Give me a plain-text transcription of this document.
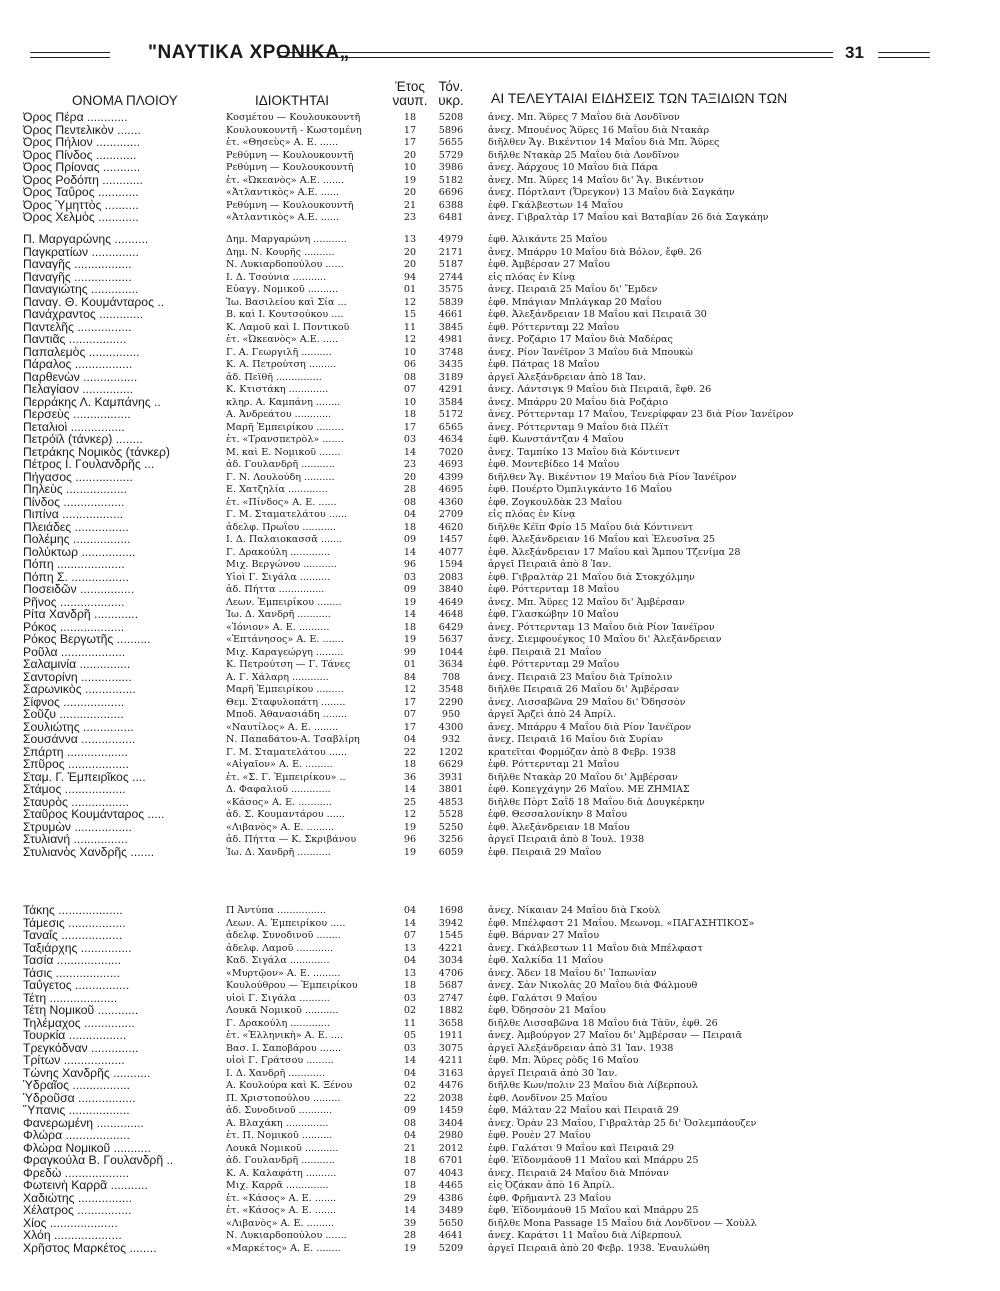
"ΝΑΥΤΙΚΑ ΧΡΟΝΙΚΑ„	31
ΟΝΟΜΑ ΠΛΟΙΟΥ	ΙΔΙΟΚΤΗΤΑΙ
Έτος
ναυπ.
Τόν.
υκρ.	ΑΙ ΤΕΛΕΥΤΑΙΑΙ ΕΙΔΗΣΕΙΣ ΤΩΝ ΤΑΞΙΔΙΩΝ ΤΩΝ
Όρος Πέρα ............	Κοσμέτου — Κουλουκουντῆ	18	5208	ἀνεχ. Μπ. Ἄϋρες 7 Μαΐου διὰ Λονδῖνον
Όρος Πεντελικὸν .......	Κουλουκουντῆ - Κωστομένη	17	5896	ἀνεχ. Μπουένος Ἄϋρες 16 Μαΐου διὰ Ντακὰρ
Όρος Πήλιον .............	ἑτ. «Θησεὺς» Α. Ε. ......	17	5655	διῆλθεν Ἄγ. Βικέντιον 14 Μαΐου διὰ Μπ. Ἄϋρες
Όρος Πίνδος ............	Ρεθύμνη — Κουλουκουντῆ	20	5729	διῆλθε Ντακὰρ 25 Μαΐου διὰ Λονδῖνον
Όρος Πρίονας ...........	Ρεθύμνη — Κουλουκουντῆ	10	3986	ἀνεχ. Ἀάρχους 10 Μαΐου διὰ Πάρα
Όρος Ροδόπη ............	ἑτ. «Ὠκεανὸς» Α.Ε. .......	19	5182	ἀνεχ. Μπ. Ἄϋρες 14 Μαΐου δι' Ἄγ. Βικέντιον
Όρος Ταΰρος ............	«Ἀτλαντικὸς» Α.Ε. ......	20	6696	ἀνεχ. Πόρτλαντ (Ὄρεγκον) 13 Μαΐου διὰ Σαγκάην
Όρος Ὑμηττὸς ..........	Ρεθύμνη — Κουλουκουντῆ	21	6388	ἐφθ. Γκάλβεστων 14 Μαΐου
Όρος Χελμὸς ............	«Ἀτλαντικὸς» Α.Ε. ......	23	6481	ἀνεχ. Γιβραλτὰρ 17 Μαΐου καὶ Βαταβίαν 26 διὰ Σαγκάην
Π. Μαργαρώνης ..........	Δημ. Μαργαρώνη ...........	13	4979	ἐφθ. Ἀλικάντε 25 Μαΐου
Παγκρατίων ..............	Δημ. Ν. Κουρῆς ..........	20	2171	ἀνεχ. Μπάρρυ 10 Μαΐου διὰ Βόλον, ἔφθ. 26
Παναγῆς .................	Ν. Λυκιαρδοπούλου ......	20	5187	ἐφθ. Ἀμβέρσαν 27 Μαΐου
Παναγῆς .................	Ι. Δ. Τσούνια ...........	94	2744	εἰς πλόας ἐν Κίνᾳ
Παναγιώτης ..............	Εὐαγγ. Νομικοῦ ..........	01	3575	ἀνεχ. Πειραιᾶ 25 Μαΐου δι' Ἔμδεν
Παναγ. Θ. Κουμάνταρος ..	Ἰω. Βασιλείου καὶ Σία ...	12	5839	ἐφθ. Μπάγιαν Μπλάγκαρ 20 Μαΐου
Πανάχραντος .............	Β. καὶ Ι. Κουτσούκου ....	15	4661	ἐφθ. Ἀλεξάνδρειαν 18 Μαΐου καὶ Πειραιᾶ 30
Παντελῆς ................	Κ. Λαμοῦ καὶ Ι. Ποντικοῦ	11	3845	ἐφθ. Ρόττερνταμ 22 Μαΐου
Παντιᾶς .................	ἑτ. «Ὠκεανὸς» Α.Ε. .....	12	4981	ἀνεχ. Ροζάριο 17 Μαΐου διὰ Μαδέρας
Παπαλεμὸς ...............	Γ. Α. Γεωργιλῆ ..........	10	3748	ἀνεχ. Ρίον Ἰανέϊρον 3 Μαΐου διὰ Μπουκὼ
Πάραλος .................	Κ. Α. Πετρούτση .........	06	3435	ἐφθ. Πάτρας 18 Μαΐου
Παρθενὼν ................	ἀδ. Πεϊθῆ ...............	08	3189	ἀργεῖ Ἀλεξάνδρειαν ἀπὸ 18 Ἰαν.
Πελαγίαον ...............	Κ. Κτιστάκη .............	07	4291	ἀνεχ. Λάντσιγκ 9 Μαΐου διὰ Πειραιᾶ, ἔφθ. 26
Περράκης Λ. Καμπάνης ..	κληρ. Α. Καμπάνη ........	10	3584	ἀνεχ. Μπάρρυ 20 Μαΐου διὰ Ροζάριο
Περσεὺς .................	Α. Ἀνδρεάτου ............	18	5172	ἀνεχ. Ρόττερνταμ 17 Μαΐου, Τενερίφφαν 23 διὰ Ρίον Ἰανέϊρον
Πεταλιοὶ ................	Μαρῆ Ἐμπειρίκου .........	17	6565	ἀνεχ. Ρόττερνταμ 9 Μαΐου διὰ Πλέϊτ
Πετρόϊλ (τάνκερ) ........	ἑτ. «Τρανσπετρὸλ» .......	03	4634	ἐφθ. Κωνστάντζαν 4 Μαΐου
Πετράκης Νομικὸς (τάνκερ)	Μ. καὶ Ε. Νομικοῦ .......	14	7020	ἀνεχ. Ταμπίκο 13 Μαΐου διὰ Κόντινεντ
Πέτρος Ι. Γουλανδρῆς ...	ἀδ. Γουλανδρῆ ...........	23	4693	ἐφθ. Μοντεβίδεο 14 Μαΐου
Πήγασος .................	Γ. Ν. Λουλούδη ..........	20	4399	διῆλθεν Ἄγ. Βικέντιον 19 Μαΐου διὰ Ρίον Ἰανέϊρον
Πηλεὺς ..................	Ε. Χατζηλία .............	28	4695	ἐφθ. Πουέρτο Ὀμπλιγκάντο 16 Μαΐου
Πίνδος ..................	ἑτ. «Πίνδος» Α. Ε. ......	08	4360	ἐφθ. Ζογκουλδὰκ 23 Μαΐου
Πιπίνα ..................	Γ. Μ. Σταματελάτου ......	04	2709	εἰς πλόας ἐν Κίνᾳ
Πλειάδες ................	ἀδελφ. Πρωΐου ...........	18	4620	διῆλθε Κέϊπ Φρίο 15 Μαΐου διὰ Κόντινεντ
Πολέμης .................	Ι. Δ. Παλαιοκασσᾶ .......	09	1457	ἐφθ. Ἀλεξάνδρειαν 16 Μαΐου καὶ Ἐλευσῖνα 25
Πολύκτωρ ................	Γ. Δρακούλη .............	14	4077	ἐφθ. Ἀλεξάνδρειαν 17 Μαΐου καὶ Ἄμπου Τζενίμα 28
Πόπη ....................	Μιχ. Βεργώνου ...........	96	1594	ἀργεῖ Πειραιᾶ ἀπὸ 8 Ἰαν.
Πόπη Σ. .................	Υἱοὶ Γ. Σιγάλα ..........	03	2083	ἐφθ. Γιβραλτὰρ 21 Μαΐου διὰ Στοκχόλμην
Ποσειδῶν ................	ἀδ. Πήττα ...............	09	3840	ἐφθ. Ρόττερνταμ 18 Μαΐου
Ρῆνος ...................	Λεων. Ἐμπειρίκου ........	19	4649	ἀνεχ. Μπ. Ἄϋρες 12 Μαΐου δι' Ἀμβέρσαν
Ρίτα Χανδρῆ .............	Ἰω. Δ. Χανδρῆ ...........	14	4648	ἐφθ. Γλασκώβην 10 Μαΐου
Ρόκος ...................	«Ἰόνιον» Α. Ε. ..........	18	6429	ἀνεχ. Ρόττερνταμ 13 Μαΐου διὰ Ρίον Ἰανέϊρον
Ρόκος Βεργωτῆς ..........	«Ἐπτάνησος» Α. Ε. .......	19	5637	ἀνεχ. Σιεμφουέγκος 10 Μαΐου δι' Ἀλεξάνδρειαν
Ροῦλα ...................	Μιχ. Καραγεώργη .........	99	1044	ἐφθ. Πειραιᾶ 21 Μαΐου
Σαλαμινία ...............	Κ. Πετρούτση — Γ. Τάνες	01	3634	ἐφθ. Ρόττερνταμ 29 Μαΐου
Σαντορίνη ...............	Α. Γ. Χάλαρη ............	84	708	ἀνεχ. Πειραιᾶ 23 Μαΐου διὰ Τρίπολιν
Σαρωνικὸς ...............	Μαρῆ Ἐμπειρίκου .........	12	3548	διῆλθε Πειραιᾶ 26 Μαΐου δι' Ἀμβέρσαν
Σίφνος ..................	Θεμ. Σταφυλοπάτη ........	17	2290	ἀνεχ. Λισσαβῶνα 29 Μαΐου δι' Ὀδησσὸν
Σοῦζυ ...................	Μποδ. Ἀθανασιάδη ........	07	950	ἀργεῖ Ἄρζεὶ ἀπὸ 24 Ἀπρίλ.
Σουλιώτης ...............	«Ναυτίλος» Α. Ε. ........	17	4300	ἀνεχ. Μπάρρυ 4 Μαΐου διὰ Ρίον Ἰανέϊρον
Σουσάννα ................	Ν. Παπαδάτου-Α. Τσαβλίρη	04	932	ἀνεχ. Πειραιᾶ 16 Μαΐου διὰ Συρίαν
Σπάρτη ..................	Γ. Μ. Σταματελάτου ......	22	1202	κρατεῖται Φορμόζαν ἀπὸ 8 Φεβρ. 1938
Σπῦρος ..................	«Αἰγαῖον» Α. Ε. .........	18	6629	ἐφθ. Ρόττερνταμ 21 Μαΐου
Σταμ. Γ. Ἐμπειρῖκος ....	ἑτ. «Σ. Γ. Ἐμπειρίκου» ..	36	3931	διῆλθε Ντακὰρ 20 Μαΐου δι' Ἀμβέρσαν
Στάμος ..................	Δ. Φαφαλιοῦ .............	14	3801	ἐφθ. Κοπεγχάγην 26 Μαΐου. ΜΕ ΖΗΜΙΑΣ
Σταυρὸς .................	«Κάσος» Α. Ε. ...........	25	4853	διῆλθε Πὸρτ Σαῒδ 18 Μαΐου διὰ Δουγκέρκην
Σταῦρος Κουμάνταρος .....	ἀδ. Σ. Κουμαντάρου ......	12	5528	ἐφθ. Θεσσαλονίκην 8 Μαΐου
Στρυμὼν .................	«Λιβανὸς» Α. Ε. .........	19	5250	ἐφθ. Ἀλεξάνδρειαν 18 Μαΐου
Στυλιανή ................	ἀδ. Πήττα — Κ. Σκριβάνου	96	3256	ἀργεῖ Πειραιᾶ ἀπὸ 8 Ἰουλ. 1938
Στυλιανὸς Χανδρῆς .......	Ἰω. Δ. Χανδρῆ ...........	19	6059	ἐφθ. Πειραιᾶ 29 Μαΐου
Τάκης ...................	Π Ἀντύπα ................	04	1698	ἀνεχ. Νίκαιαν 24 Μαΐου διὰ Γκοὺλ
Τάμεσις .................	Λεων. Α. Ἐμπειρίκου .....	14	3942	ἐφθ. Μπέλφαστ 21 Μαΐου. Μεωνομ. «ΠΑΓΑΣΗΤΙΚΟΣ»
Ταναΐς ..................	ἀδελφ. Συνοδινοῦ ........	07	1545	ἐφθ. Βάρναν 27 Μαΐου
Ταξιάρχης ...............	ἀδελφ. Λαμοῦ ............	13	4221	ἀνεχ. Γκάλβεστων 11 Μαΐου διὰ Μπέλφαστ
Τασία ...................	Καδ. Σιγάλα .............	04	3034	ἐφθ. Χαλκίδα 11 Μαΐου
Τάσις ...................	«Μυρτῷον» Α. Ε. .........	13	4706	ἀνεχ. Ἄδεν 18 Μαΐου δι' Ἰαπωνίαν
Ταΰγετος ................	Κουλούθρου — Ἐμπειρίκου	18	5687	ἀνεχ. Σὰν Νικολὰς 20 Μαΐου διὰ Φάλμουθ
Τέτη ....................	υἱοὶ Γ. Σιγάλα ..........	03	2747	ἐφθ. Γαλάτσι 9 Μαΐου
Τέτη Νομικοῦ ............	Λουκᾶ Νομικοῦ ...........	02	1882	ἐφθ. Ὀδησσὸν 21 Μαΐου
Τηλέμαχος ...............	Γ. Δρακούλη .............	11	3658	διῆλθε Λισσαβῶνα 18 Μαΐου διὰ Τὰϋν, ἐφθ. 26
Τουρκία .................	ἑτ. «Ἑλληνικὴ» Α. Ε. ....	05	1911	ἀνεχ. Ἀμβούργον 27 Μαΐου δι' Ἀμβέρσαν — Πειραιᾶ
Τρεγκόδναν ..............	Βασ. Ι. Σαποβάρου .......	03	3075	ἀργεῖ Ἀλεξάνδρειαν ἀπὸ 31 Ἰαν. 1938
Τρίτων ..................	υἱοὶ Γ. Γράτσου .........	14	4211	ἐφθ. Μπ. Ἄϋρες ρὸδς 16 Μαΐου
Τώνης Χανδρῆς ...........	Ι. Δ. Χανδρῆ ............	04	3163	ἀργεῖ Πειραιᾶ ἀπὸ 30 Ἰαν.
Ὑδραῖος .................	Α. Κουλούρα καὶ Κ. Ξένου	02	4476	διῆλθε Κων/πολιν 23 Μαΐου διὰ Λίβερπουλ
Ὑδροῦσα .................	Π. Χριστοπούλου .........	22	2038	ἐφθ. Λονδῖνον 25 Μαΐου
Ὕπανις ..................	ἀδ. Συνοδινοῦ ...........	09	1459	ἐφθ. Μάλταν 22 Μαΐου καὶ Πειραιᾶ 29
Φανερωμένη ..............	Α. Βλαχάκη ..............	08	3404	ἀνεχ. Ὀρὰν 23 Μαΐου, Γιβραλτὰρ 25 δι' Ὀσλεμπάουζεν
Φλώρα ...................	ἑτ. Π. Νομικοῦ ..........	04	2980	ἐφθ. Ρουὲν 27 Μαΐου
Φλώρα Νομικοῦ ...........	Λουκᾶ Νομικοῦ ...........	21	2012	ἐφθ. Γαλάτσι 9 Μαΐου καὶ Πειραιᾶ 29
Φραγκούλα Β. Γουλανδρῆ ..	ἀδ. Γουλανδρῆ ...........	18	6701	ἐφθ. Ἐϊδονμάουθ 11 Μαΐου καὶ Μπάρρυ 25
Φρεδὼ ...................	Κ. Α. Καλαφάτη ..........	07	4043	ἀνεχ. Πειραιᾶ 24 Μαΐου διὰ Μπόναν
Φωτεινὴ Καρρᾶ ...........	Μιχ. Καρρᾶ ..............	18	4465	εἰς Ὀζάκαν ἀπὸ 16 Ἀπρίλ.
Χαδιώτης ................	ἑτ. «Κάσος» Α. Ε. .......	29	4386	ἐφθ. Φρῆμαντλ 23 Μαΐου
Χέλατρος ................	ἑτ. «Κάσος» Α. Ε. .......	14	3489	ἐφθ. Ἐϊδονμάουθ 15 Μαΐου καὶ Μπάρρυ 25
Χίος ....................	«Λιβανὸς» Α. Ε. .........	39	5650	διῆλθε Mona Passage 15 Μαΐου διὰ Λονδῖνον — Χοὺλλ
Χλόη ....................	Ν. Λυκιαρδοπούλου .......	28	4641	ἀνεχ. Καράτσι 11 Μαΐου διὰ Λίβερπουλ
Χρῆστος Μαρκέτος ........	«Μαρκέτος» Α. Ε. ........	19	5209	ἀργεῖ Πειραιᾶ ἀπὸ 20 Φεβρ. 1938. Ἐναυλώθη
